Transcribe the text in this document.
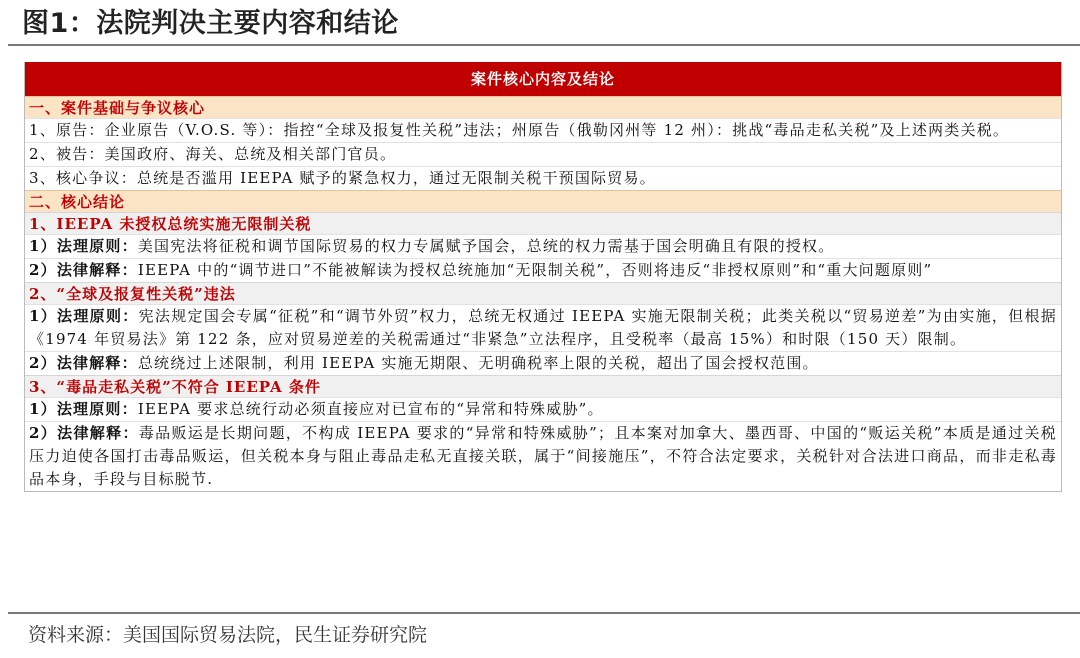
图1：法院判决主要内容和结论
案件核心内容及结论
一、案件基础与争议核心
1、原告：企业原告（V.O.S. 等）：指控“全球及报复性关税”违法；州原告（俄勒冈州等 12 州）：挑战“毒品走私关税”及上述两类关税。
2、被告：美国政府、海关、总统及相关部门官员。
3、核心争议：总统是否滥用 IEEPA 赋予的紧急权力，通过无限制关税干预国际贸易。
二、核心结论
1、IEEPA 未授权总统实施无限制关税
1）法理原则：美国宪法将征税和调节国际贸易的权力专属赋予国会，总统的权力需基于国会明确且有限的授权。
2）法律解释：IEEPA 中的“调节进口”不能被解读为授权总统施加“无限制关税”，否则将违反“非授权原则”和“重大问题原则”
2、“全球及报复性关税”违法
1）法理原则：宪法规定国会专属“征税”和“调节外贸”权力，总统无权通过 IEEPA 实施无限制关税；此类关税以“贸易逆差”为由实施，但根据《1974 年贸易法》第 122 条，应对贸易逆差的关税需通过“非紧急”立法程序，且受税率（最高 15%）和时限（150 天）限制。
2）法律解释：总统绕过上述限制，利用 IEEPA 实施无期限、无明确税率上限的关税，超出了国会授权范围。
3、“毒品走私关税”不符合 IEEPA 条件
1）法理原则：IEEPA 要求总统行动必须直接应对已宣布的“异常和特殊威胁”。
2）法律解释：毒品贩运是长期问题，不构成 IEEPA 要求的“异常和特殊威胁”；且本案对加拿大、墨西哥、中国的“贩运关税”本质是通过关税压力迫使各国打击毒品贩运，但关税本身与阻止毒品走私无直接关联，属于“间接施压”，不符合法定要求，关税针对合法进口商品，而非走私毒品本身，手段与目标脱节.
资料来源：美国国际贸易法院，民生证券研究院
